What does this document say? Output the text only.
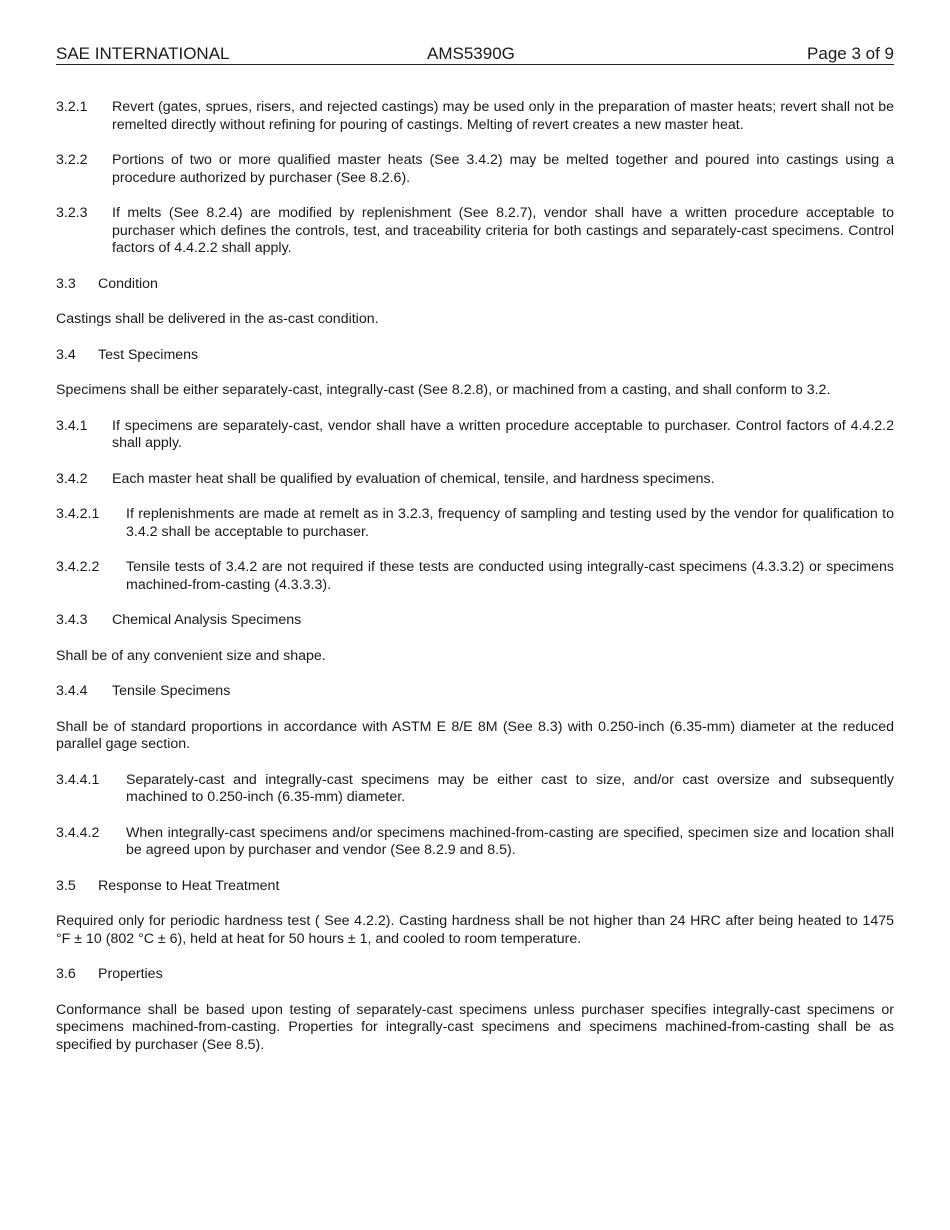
SAE INTERNATIONAL	AMS5390G	Page 3 of 9
3.2.1 Revert (gates, sprues, risers, and rejected castings) may be used only in the preparation of master heats; revert shall not be remelted directly without refining for pouring of castings. Melting of revert creates a new master heat.
3.2.2 Portions of two or more qualified master heats (See 3.4.2) may be melted together and poured into castings using a procedure authorized by purchaser (See 8.2.6).
3.2.3 If melts (See 8.2.4) are modified by replenishment (See 8.2.7), vendor shall have a written procedure acceptable to purchaser which defines the controls, test, and traceability criteria for both castings and separately-cast specimens. Control factors of 4.4.2.2 shall apply.
3.3 Condition
Castings shall be delivered in the as-cast condition.
3.4 Test Specimens
Specimens shall be either separately-cast, integrally-cast (See 8.2.8), or machined from a casting, and shall conform to 3.2.
3.4.1 If specimens are separately-cast, vendor shall have a written procedure acceptable to purchaser. Control factors of 4.4.2.2 shall apply.
3.4.2 Each master heat shall be qualified by evaluation of chemical, tensile, and hardness specimens.
3.4.2.1 If replenishments are made at remelt as in 3.2.3, frequency of sampling and testing used by the vendor for qualification to 3.4.2 shall be acceptable to purchaser.
3.4.2.2 Tensile tests of 3.4.2 are not required if these tests are conducted using integrally-cast specimens (4.3.3.2) or specimens machined-from-casting (4.3.3.3).
3.4.3 Chemical Analysis Specimens
Shall be of any convenient size and shape.
3.4.4 Tensile Specimens
Shall be of standard proportions in accordance with ASTM E 8/E 8M (See 8.3) with 0.250-inch (6.35-mm) diameter at the reduced parallel gage section.
3.4.4.1 Separately-cast and integrally-cast specimens may be either cast to size, and/or cast oversize and subsequently machined to 0.250-inch (6.35-mm) diameter.
3.4.4.2 When integrally-cast specimens and/or specimens machined-from-casting are specified, specimen size and location shall be agreed upon by purchaser and vendor (See 8.2.9 and 8.5).
3.5 Response to Heat Treatment
Required only for periodic hardness test ( See 4.2.2). Casting hardness shall be not higher than 24 HRC after being heated to 1475 °F ± 10 (802 °C ± 6), held at heat for 50 hours ± 1, and cooled to room temperature.
3.6 Properties
Conformance shall be based upon testing of separately-cast specimens unless purchaser specifies integrally-cast specimens or specimens machined-from-casting. Properties for integrally-cast specimens and specimens machined-from-casting shall be as specified by purchaser (See 8.5).
